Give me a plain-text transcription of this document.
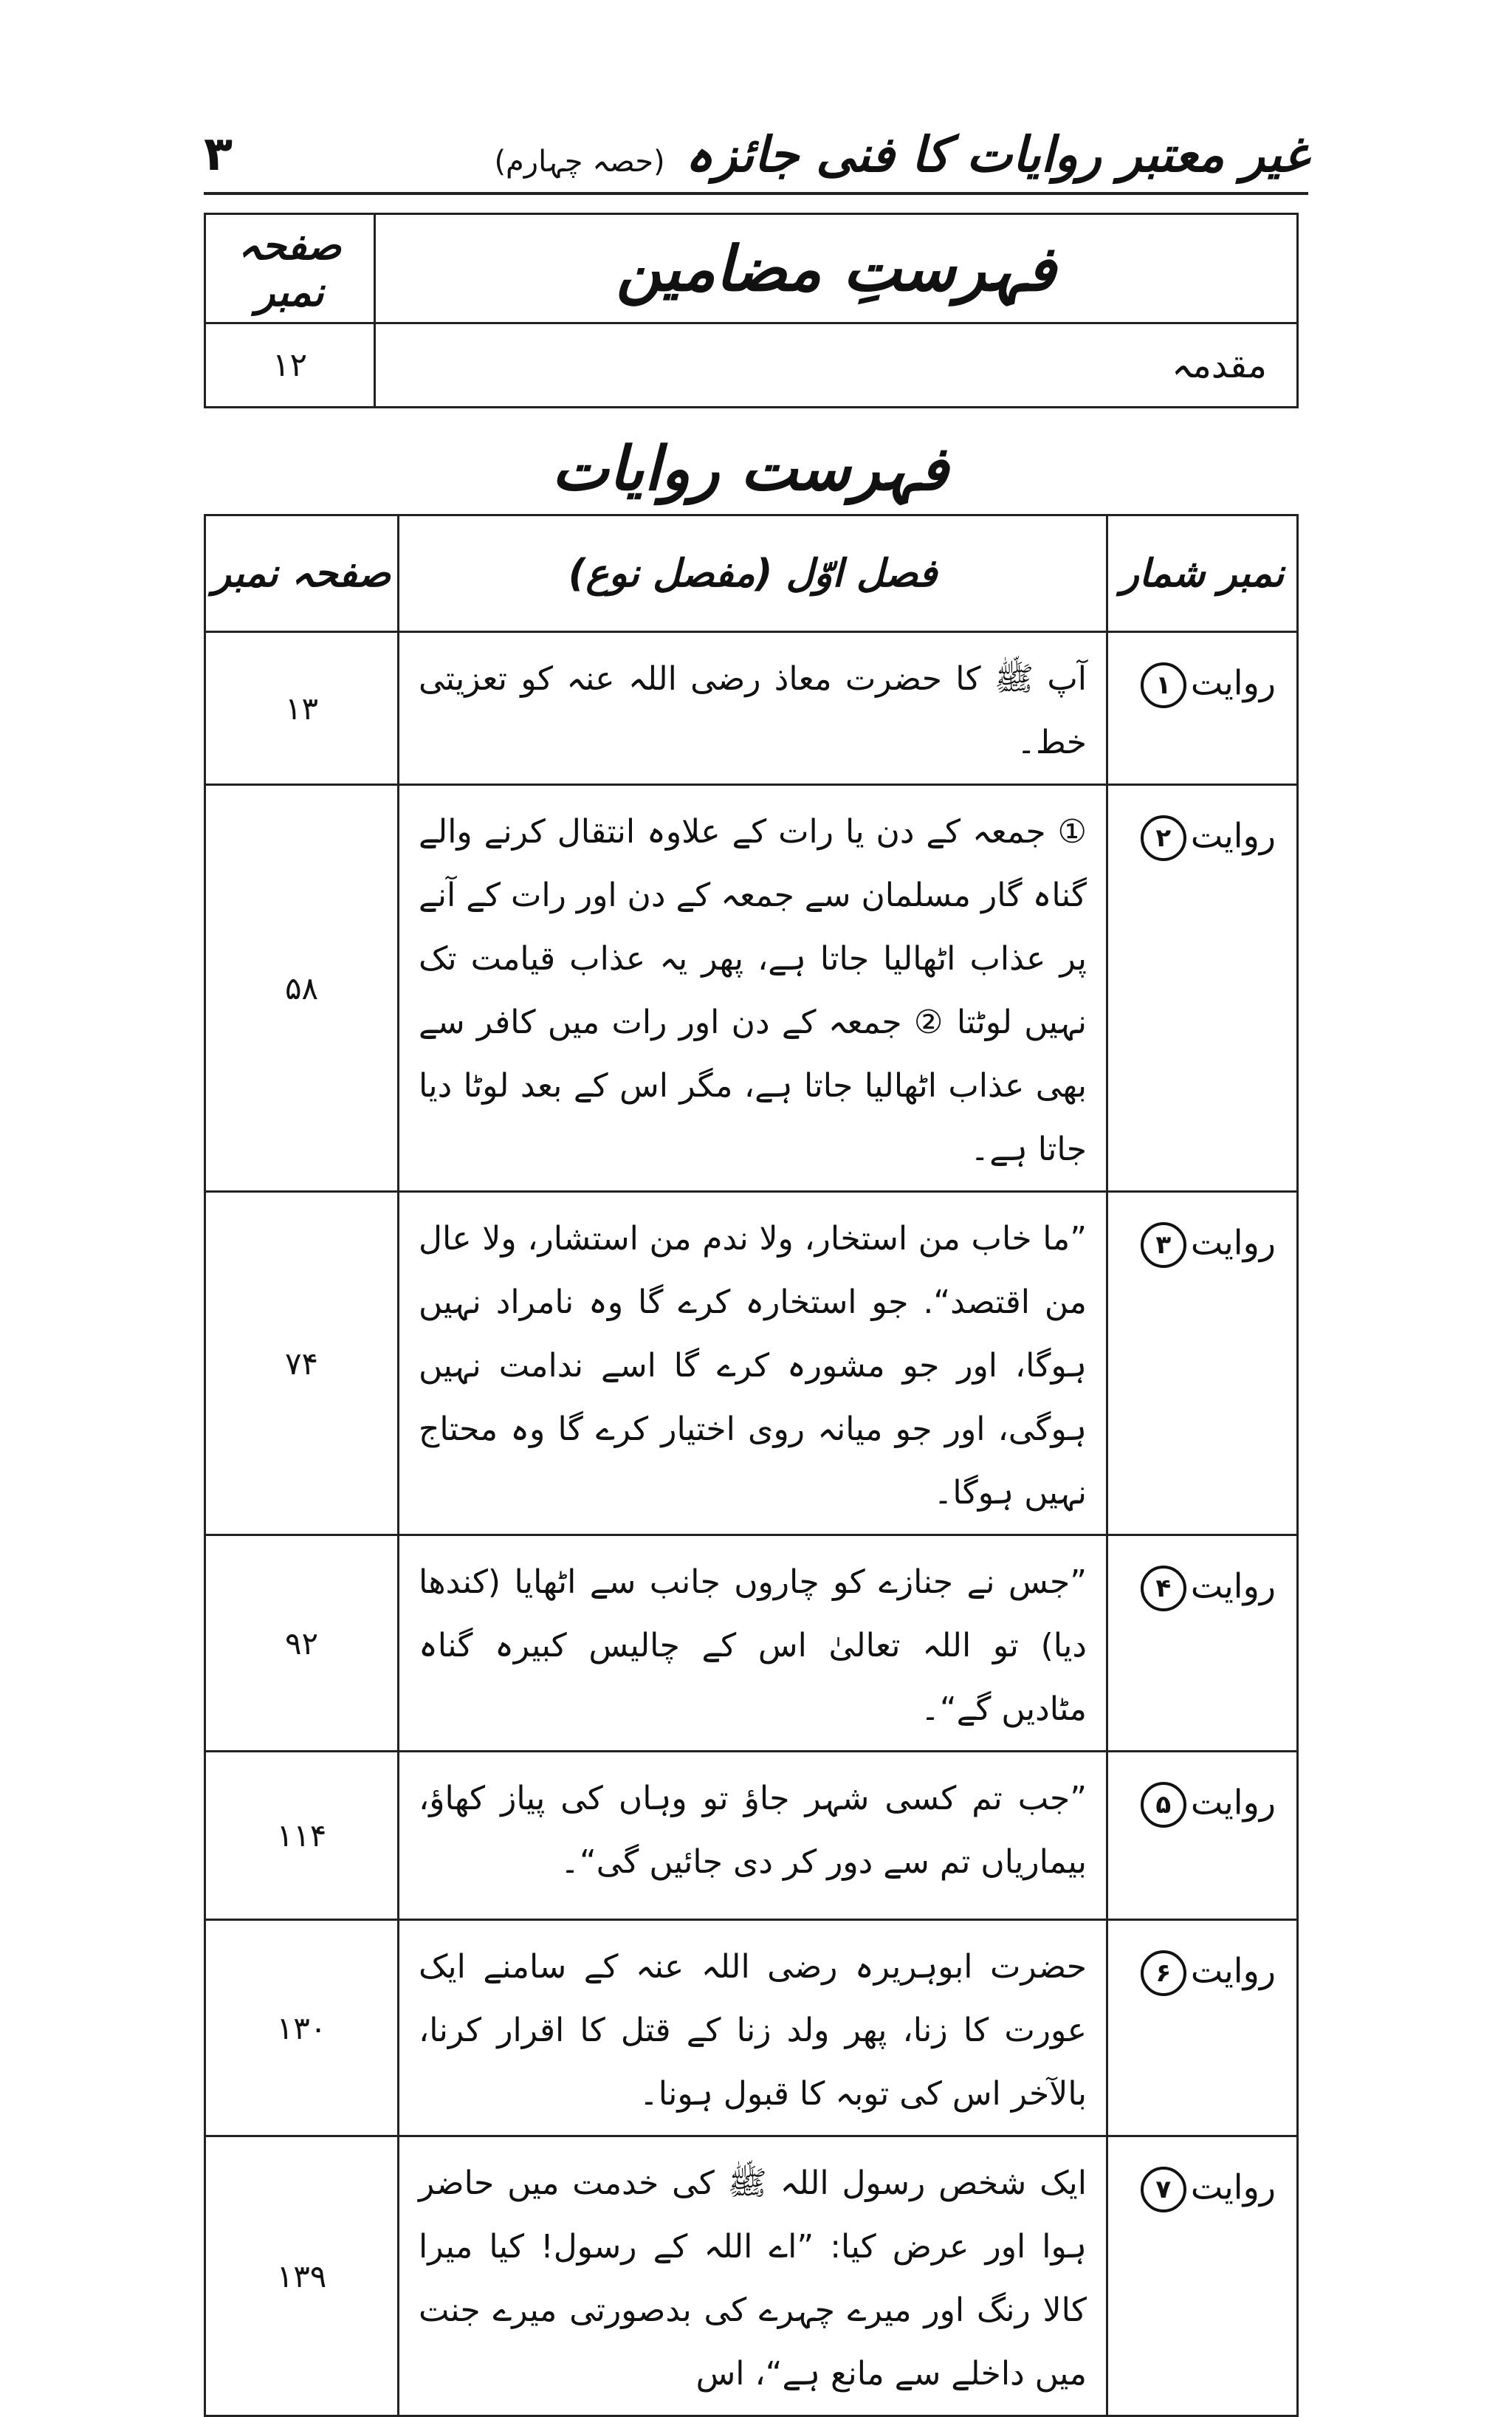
۳	غیر معتبر روایات کا فنی جائزہ (حصہ چہارم)
فہرستِ مضامین	صفحہ نمبر
مقدمہ	۱۲
فہرست روایات
نمبر شمار	فصل اوّل (مفصل نوع)	صفحہ نمبر
روایت۱	آپ ﷺ کا حضرت معاذ رضی اللہ عنہ کو تعزیتی خط۔	۱۳
روایت۲	① جمعہ کے دن یا رات کے علاوہ انتقال کرنے والے گناہ گار مسلمان سے جمعہ کے دن اور رات کے آنے پر عذاب اٹھالیا جاتا ہے، پھر یہ عذاب قیامت تک نہیں لوٹتا ② جمعہ کے دن اور رات میں کافر سے بھی عذاب اٹھالیا جاتا ہے، مگر اس کے بعد لوٹا دیا جاتا ہے۔	۵۸
روایت۳	”ما خاب من استخار، ولا ندم من استشار، ولا عال من اقتصد“. جو استخارہ کرے گا وہ نامراد نہیں ہوگا، اور جو مشورہ کرے گا اسے ندامت نہیں ہوگی، اور جو میانہ روی اختیار کرے گا وہ محتاج نہیں ہوگا۔	۷۴
روایت۴	”جس نے جنازے کو چاروں جانب سے اٹھایا (کندھا دیا) تو اللہ تعالیٰ اس کے چالیس کبیرہ گناہ مٹادیں گے“۔	۹۲
روایت۵	”جب تم کسی شہر جاؤ تو وہاں کی پیاز کھاؤ، بیماریاں تم سے دور کر دی جائیں گی“۔	۱۱۴
روایت۶	حضرت ابوہریرہ رضی اللہ عنہ کے سامنے ایک عورت کا زنا، پھر ولد زنا کے قتل کا اقرار کرنا، بالآخر اس کی توبہ کا قبول ہونا۔	۱۳۰
روایت۷	ایک شخص رسول اللہ ﷺ کی خدمت میں حاضر ہوا اور عرض کیا: ”اے اللہ کے رسول! کیا میرا کالا رنگ اور میرے چہرے کی بدصورتی میرے جنت میں داخلے سے مانع ہے“، اس	۱۳۹
